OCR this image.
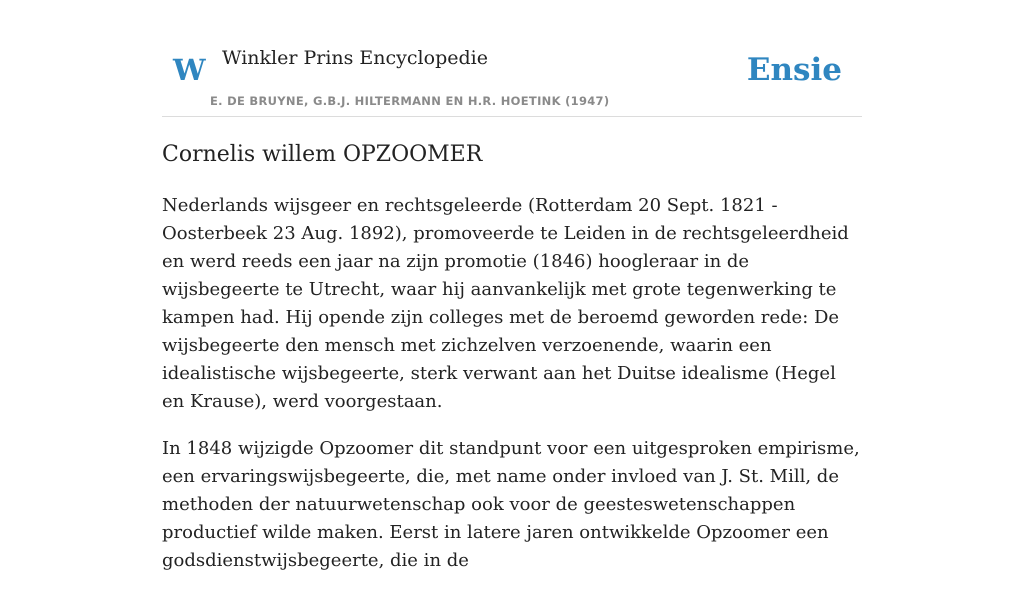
W Winkler Prins Encyclopedie
E. DE BRUYNE, G.B.J. HILTERMANN EN H.R. HOETINK (1947)
Ensie
Cornelis willem OPZOOMER

Nederlands wijsgeer en rechtsgeleerde (Rotterdam 20 Sept. 1821 - Oosterbeek 23 Aug. 1892), promoveerde te Leiden in de rechtsgeleerdheid en werd reeds een jaar na zijn promotie (1846) hoogleraar in de wijsbegeerte te Utrecht, waar hij aanvankelijk met grote tegenwerking te kampen had. Hij opende zijn colleges met de beroemd geworden rede: De wijsbegeerte den mensch met zichzelven verzoenende, waarin een idealistische wijsbegeerte, sterk verwant aan het Duitse idealisme (Hegel en Krause), werd voorgestaan.

In 1848 wijzigde Opzoomer dit standpunt voor een uitgesproken empirisme, een ervaringswijsbegeerte, die, met name onder invloed van J. St. Mill, de methoden der natuurwetenschap ook voor de geesteswetenschappen productief wilde maken. Eerst in latere jaren ontwikkelde Opzoomer een godsdienstwijsbegeerte, die in de
